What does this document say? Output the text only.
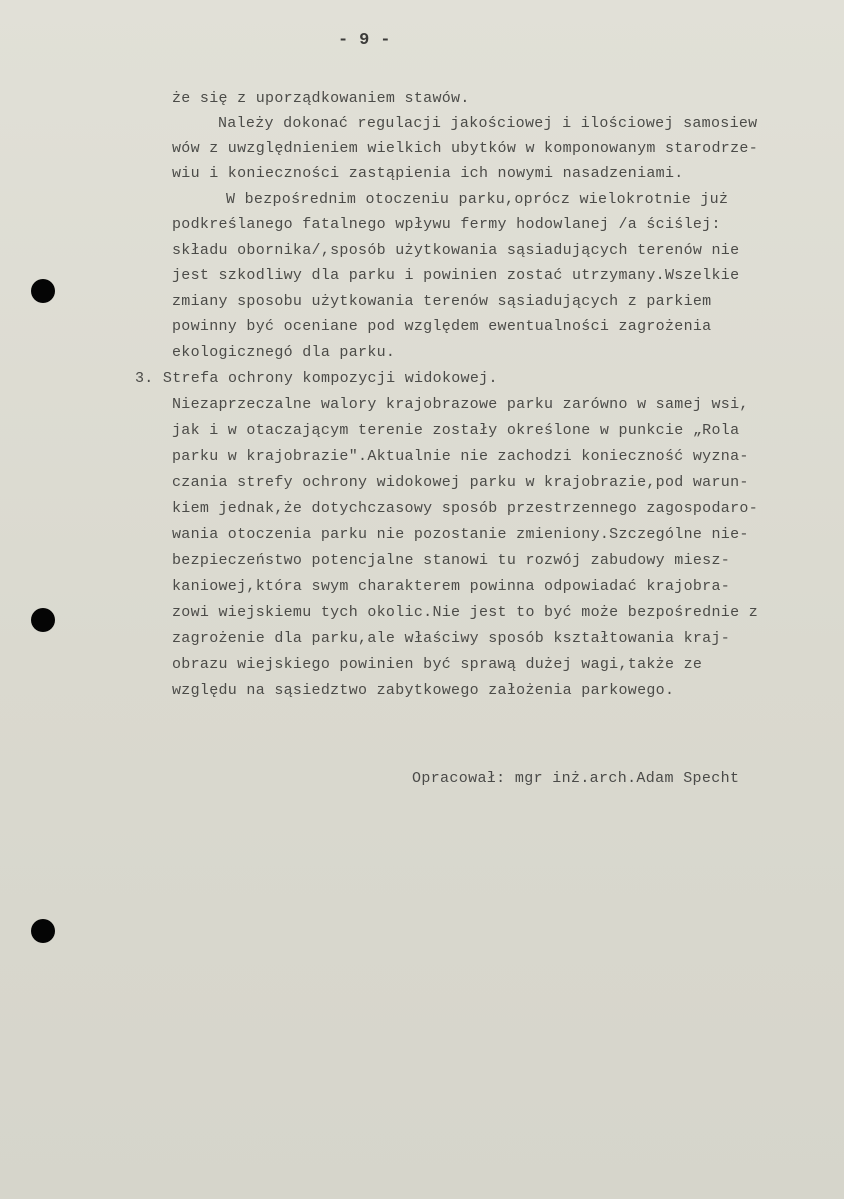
- 9 -
że się z uporządkowaniem stawów.
Należy dokonać regulacji jakościowej i ilościowej samosiew
wów z uwzględnieniem wielkich ubytków w komponowanym starodrze-
wiu i konieczności zastąpienia ich nowymi nasadzeniami.
W bezpośrednim otoczeniu parku,oprócz wielokrotnie już
podkreślanego fatalnego wpływu fermy hodowlanej /a ściślej:
składu obornika/,sposób użytkowania sąsiadujących terenów nie
jest szkodliwy dla parku i powinien zostać utrzymany.Wszelkie
zmiany sposobu użytkowania terenów sąsiadujących z parkiem
powinny być oceniane pod względem ewentualności zagrożenia
ekologicznegó dla parku.
3. Strefa ochrony kompozycji widokowej.
Niezaprzeczalne walory krajobrazowe parku zarówno w samej wsi,
jak i w otaczającym terenie zostały określone w punkcie „Rola
parku w krajobrazie".Aktualnie nie zachodzi konieczność wyzna-
czania strefy ochrony widokowej parku w krajobrazie,pod warun-
kiem jednak,że dotychczasowy sposób przestrzennego zagospodaro-
wania otoczenia parku nie pozostanie zmieniony.Szczególne nie-
bezpieczeństwo potencjalne stanowi tu rozwój zabudowy miesz-
kaniowej,która swym charakterem powinna odpowiadać krajobra-
zowi wiejskiemu tych okolic.Nie jest to być może bezpośrednie z
zagrożenie dla parku,ale właściwy sposób kształtowania kraj-
obrazu wiejskiego powinien być sprawą dużej wagi,także ze
względu na sąsiedztwo zabytkowego założenia parkowego.
Opracował: mgr inż.arch.Adam Specht
